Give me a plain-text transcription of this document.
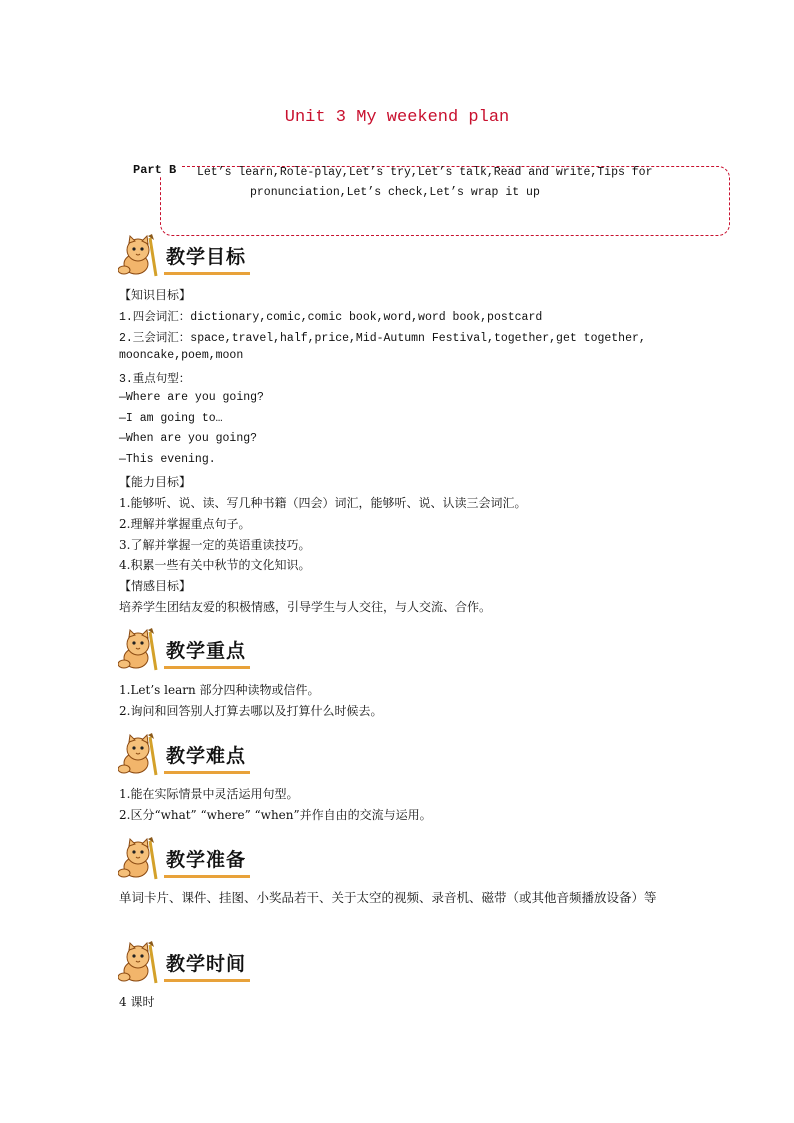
Unit 3 My weekend plan
Part B	Let’s learn,Role-play,Let’s try,Let’s talk,Read and write,Tips for
pronunciation,Let’s check,Let’s wrap it up
教学目标
【知识目标】
1.四会词汇：dictionary,comic,comic book,word,word book,postcard
2.三会词汇：space,travel,half,price,Mid-Autumn Festival,together,get together,
mooncake,poem,moon
3.重点句型：
—Where are you going?
—I am going to…
—When are you going?
—This evening.
【能力目标】
1.能够听、说、读、写几种书籍（四会）词汇，能够听、说、认读三会词汇。
2.理解并掌握重点句子。
3.了解并掌握一定的英语重读技巧。
4.积累一些有关中秋节的文化知识。
【情感目标】
培养学生团结友爱的积极情感，引导学生与人交往，与人交流、合作。
教学重点
1.Let’s learn 部分四种读物或信件。
2.询问和回答别人打算去哪以及打算什么时候去。
教学难点
1.能在实际情景中灵活运用句型。
2.区分“what” “where” “when”并作自由的交流与运用。
教学准备
单词卡片、课件、挂图、小奖品若干、关于太空的视频、录音机、磁带（或其他音频播放设备）等
教学时间
4 课时
